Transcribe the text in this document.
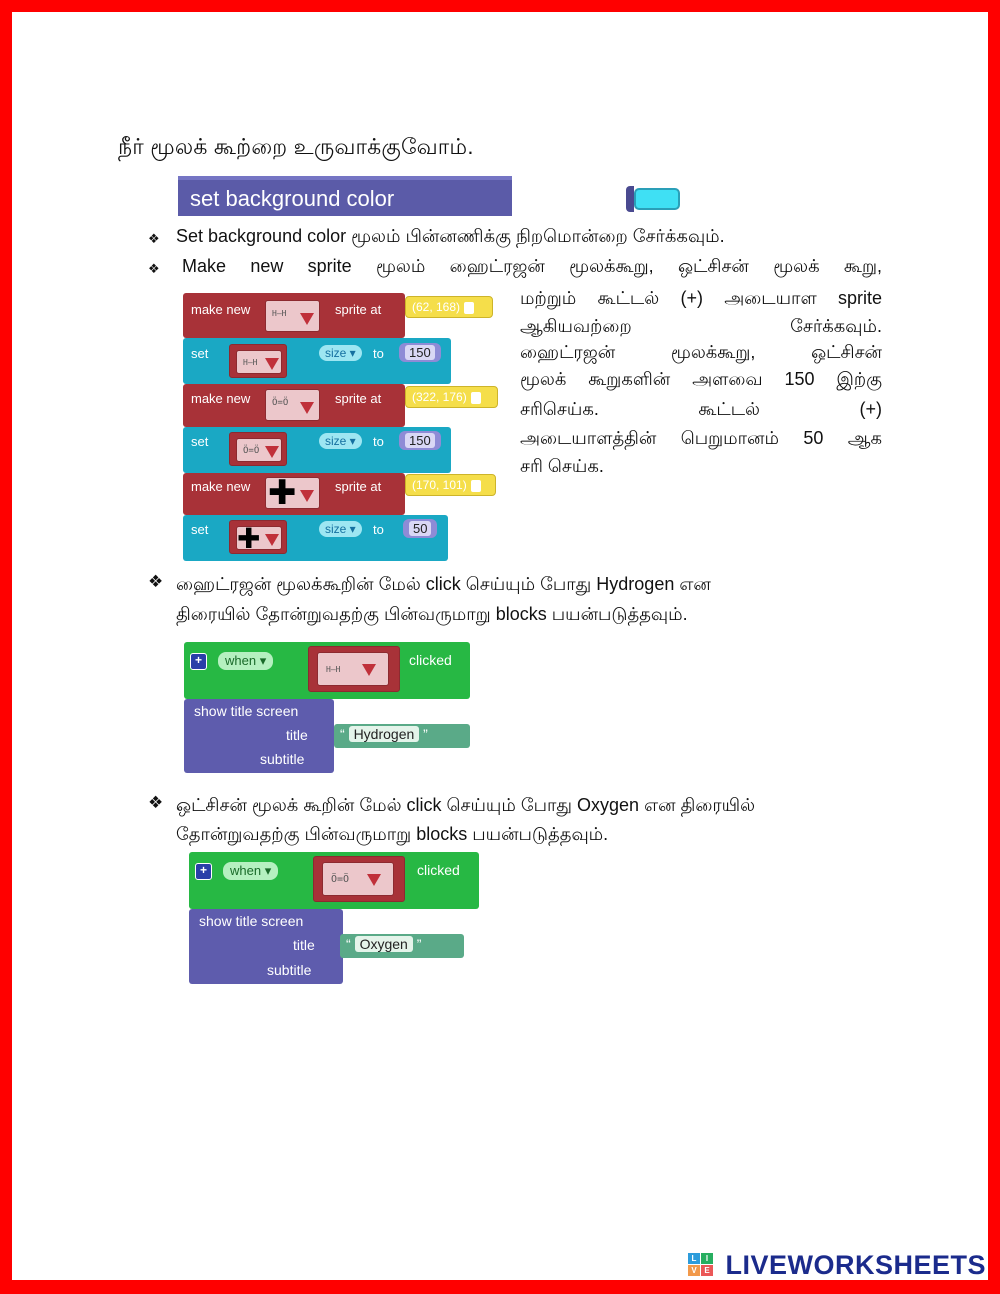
நீர் மூலக் கூற்றை உருவாக்குவோம்.
set background color
❖ Set background color மூலம் பின்னணிக்கு நிறமொன்றை சேர்க்கவும்.
❖ Make new sprite மூலம் ஹைட்ரஜன் மூலக்கூறு, ஒட்சிசன் மூலக் கூறு,
மற்றும் கூட்டல் (+) அடையாள sprite
ஆகியவற்றை சேர்க்கவும்.
ஹைட்ரஜன் மூலக்கூறு, ஒட்சிசன்
மூலக் கூறுகளின் அளவை 150 இற்கு
சரிசெய்க. கூட்டல் (+)
அடையாளத்தின் பெறுமானம் 50 ஆக
சரி செய்க.
make new	H—H	sprite at	(62, 168)
set
H—H
size ▾	to	150
make new Ö=Ö	sprite at	(322, 176)
set
Ö=Ö
size ▾	to	150
make new ✚	sprite at	(170, 101)
set ✚	size ▾	to	50
❖ ஹைட்ரஜன் மூலக்கூறின் மேல் click செய்யும் போது Hydrogen என
திரையில் தோன்றுவதற்கு பின்வருமாறு blocks பயன்படுத்தவும்.
+	when ▾
H—H
clicked
show title screen
title
subtitle
“ Hydrogen ”
❖ ஒட்சிசன் மூலக் கூறின் மேல் click செய்யும் போது Oxygen என திரையில்
தோன்றுவதற்கு பின்வருமாறு blocks பயன்படுத்தவும்.
+	when ▾
Ö=Ö
clicked
show title screen
title
subtitle
“ Oxygen ”
L	I
V E LIVEWORKSHEETS
